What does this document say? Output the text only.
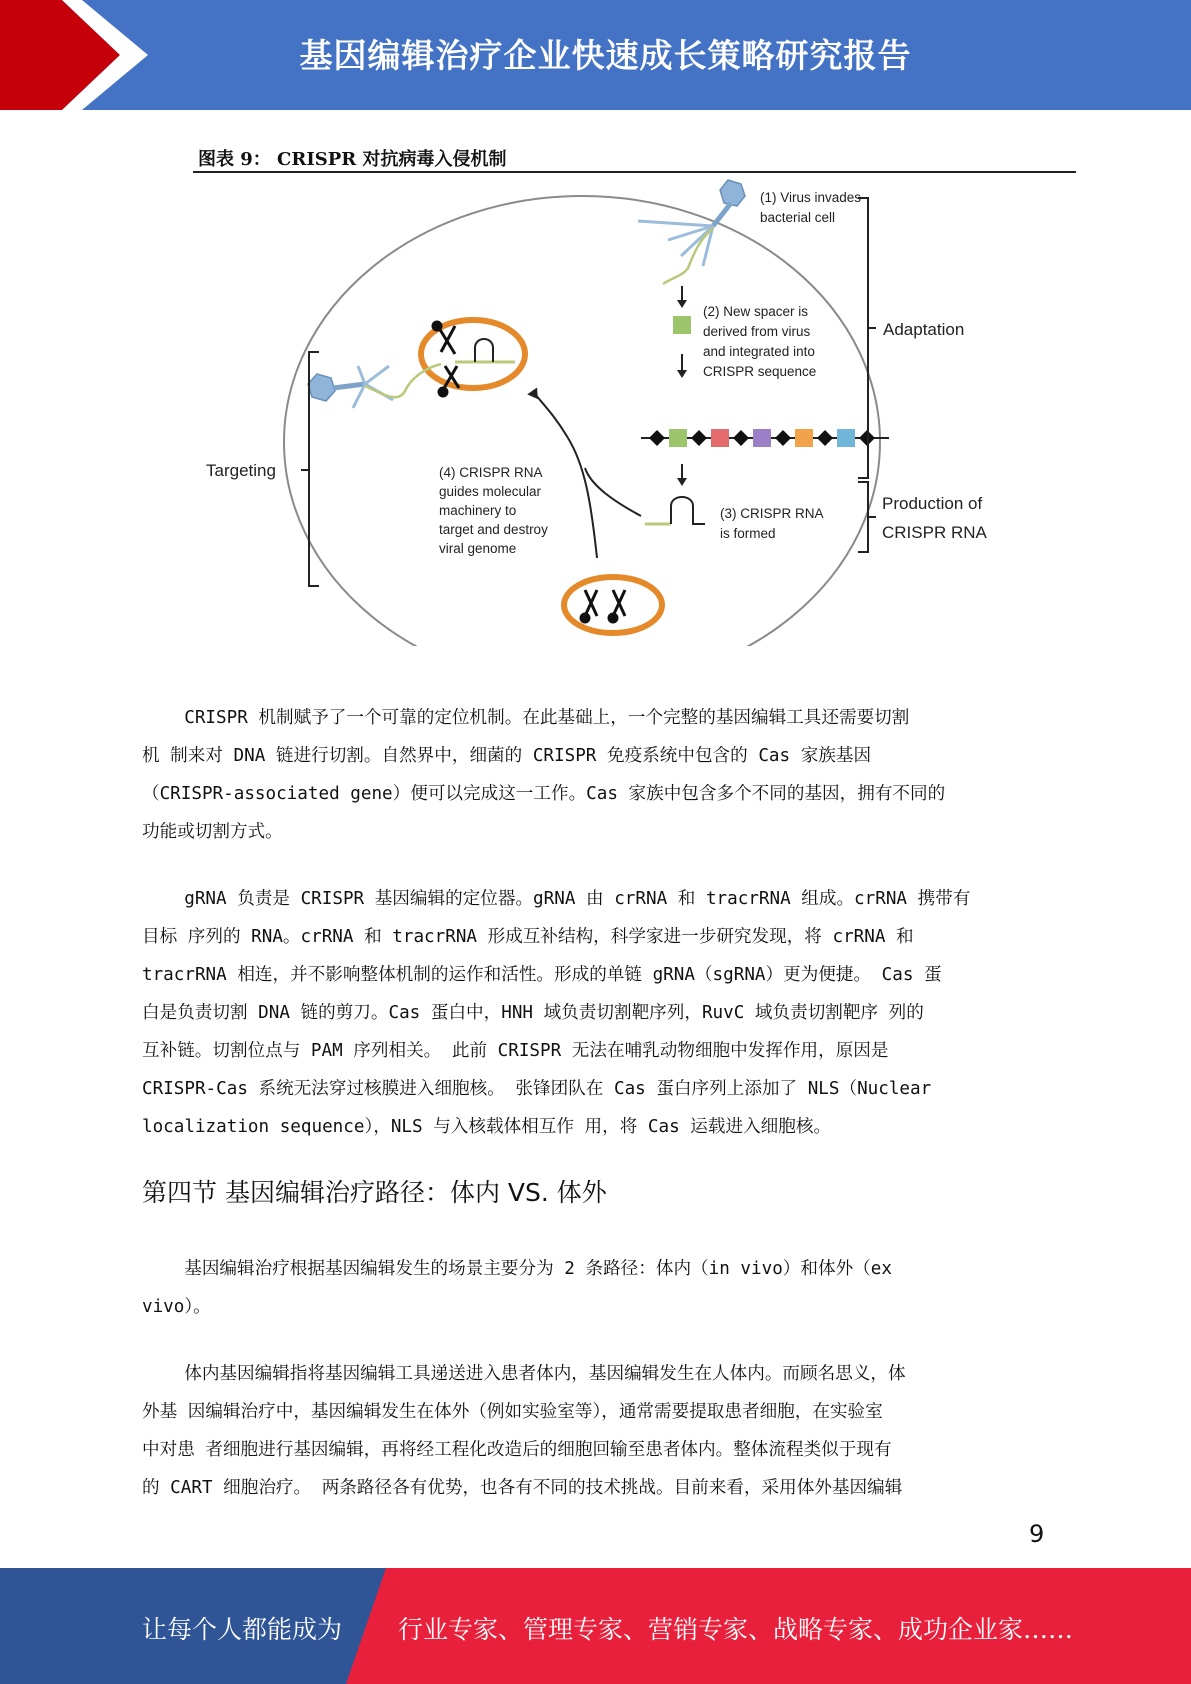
基因编辑治疗企业快速成长策略研究报告
图表 9： CRISPR 对抗病毒入侵机制
(1) Virus invades bacterial cell
(2) New spacer is derived from virus and integrated into CRISPR sequence
(3) CRISPR RNA is formed
Adaptation
Production of CRISPR RNA
Targeting	(4) CRISPR RNA guides molecular machinery to target and destroy viral genome
CRISPR 机制赋予了一个可靠的定位机制。在此基础上，一个完整的基因编辑工具还需要切割
机 制来对 DNA 链进行切割。自然界中，细菌的 CRISPR 免疫系统中包含的 Cas 家族基因
（CRISPR-associated gene）便可以完成这一工作。Cas 家族中包含多个不同的基因，拥有不同的
功能或切割方式。
gRNA 负责是 CRISPR 基因编辑的定位器。gRNA 由 crRNA 和 tracrRNA 组成。crRNA 携带有
目标 序列的 RNA。crRNA 和 tracrRNA 形成互补结构，科学家进一步研究发现，将 crRNA 和
tracrRNA 相连，并不影响整体机制的运作和活性。形成的单链 gRNA（sgRNA）更为便捷。 Cas 蛋
白是负责切割 DNA 链的剪刀。Cas 蛋白中，HNH 域负责切割靶序列，RuvC 域负责切割靶序 列的
互补链。切割位点与 PAM 序列相关。 此前 CRISPR 无法在哺乳动物细胞中发挥作用，原因是
CRISPR-Cas 系统无法穿过核膜进入细胞核。 张锋团队在 Cas 蛋白序列上添加了 NLS（Nuclear
localization sequence），NLS 与入核载体相互作 用，将 Cas 运载进入细胞核。
第四节 基因编辑治疗路径：体内 VS. 体外
基因编辑治疗根据基因编辑发生的场景主要分为 2 条路径：体内（in vivo）和体外（ex
vivo）。
体内基因编辑指将基因编辑工具递送进入患者体内，基因编辑发生在人体内。而顾名思义，体
外基 因编辑治疗中，基因编辑发生在体外（例如实验室等），通常需要提取患者细胞，在实验室
中对患 者细胞进行基因编辑，再将经工程化改造后的细胞回输至患者体内。整体流程类似于现有
的 CART 细胞治疗。 两条路径各有优势，也各有不同的技术挑战。目前来看，采用体外基因编辑
9
让每个人都能成为 行业专家、管理专家、营销专家、战略专家、成功企业家……
